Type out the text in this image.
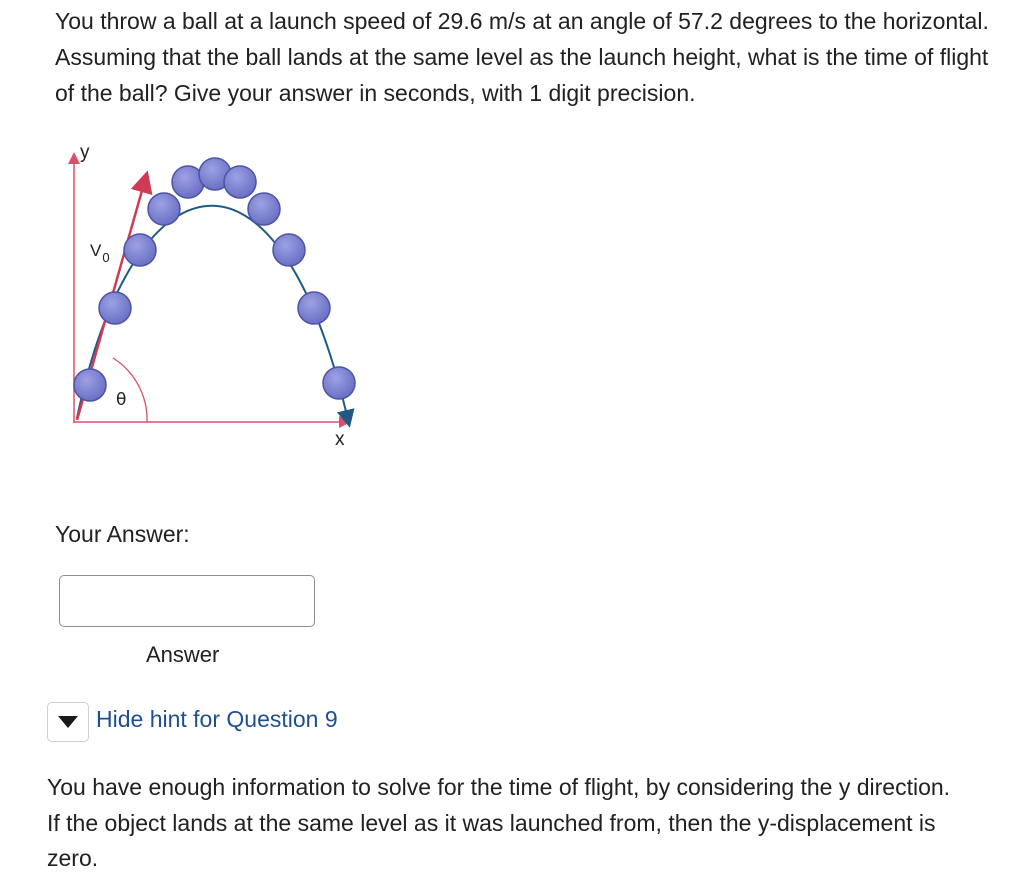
You throw a ball at a launch speed of 29.6 m/s at an angle of 57.2 degrees to the horizontal. Assuming that the ball lands at the same level as the launch height, what is the time of flight of the ball? Give your answer in seconds, with 1 digit precision.

y
x
θ
$V_0$

Your Answer:

Answer
Hide hint for Question 9

You have enough information to solve for the time of flight, by considering the y direction. If the object lands at the same level as it was launched from, then the y-displacement is zero.
